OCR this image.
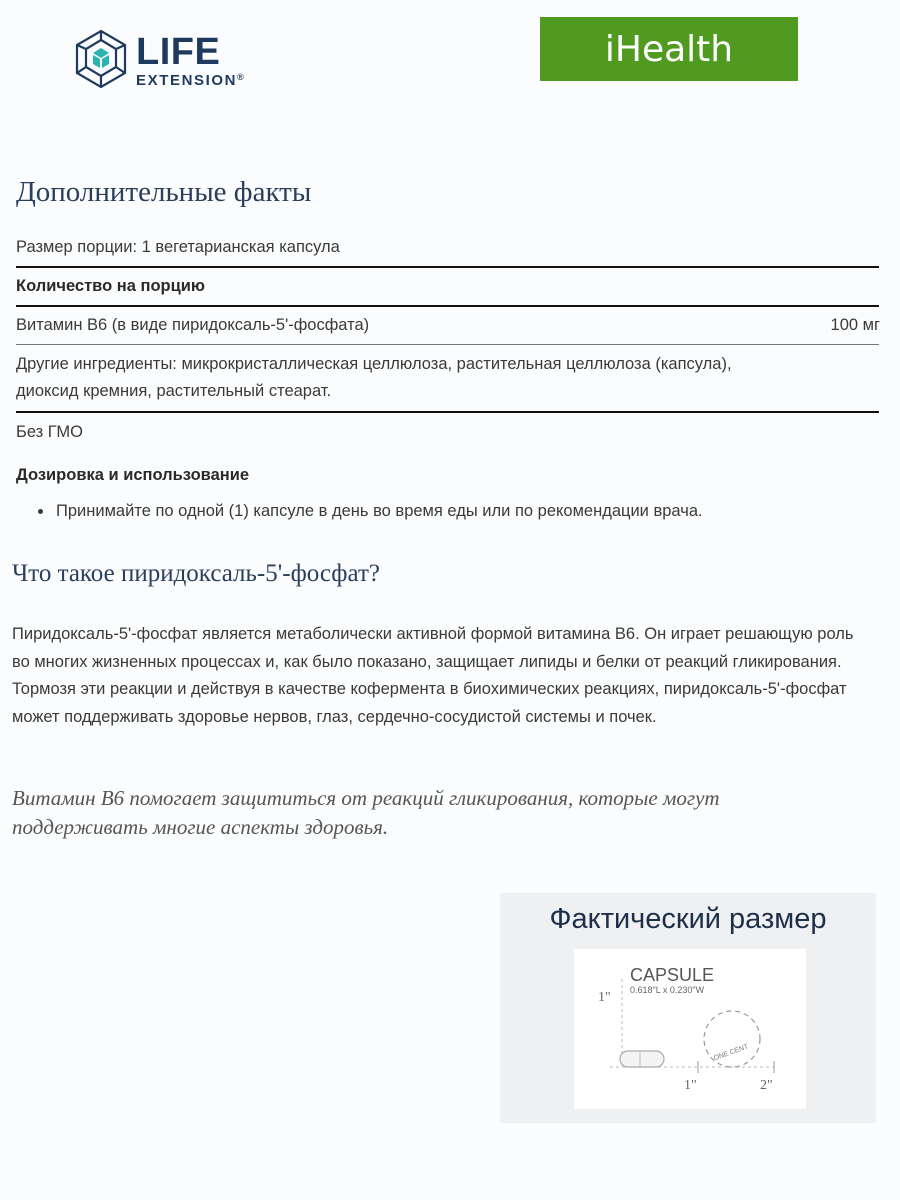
LIFE
EXTENSION®
iHealth
Дополнительные факты
Размер порции: 1 вегетарианская капсула
Количество на порцию
Витамин B6 (в виде пиридоксаль-5'-фосфата)	100 мг
Другие ингредиенты: микрокристаллическая целлюлоза, растительная целлюлоза (капсула),
диоксид кремния, растительный стеарат.
Без ГМО
Дозировка и использование
• Принимайте по одной (1) капсуле в день во время еды или по рекомендации врача.
Что такое пиридоксаль-5'-фосфат?

Пиридоксаль-5'-фосфат является метаболически активной формой витамина В6. Он играет решающую роль во многих жизненных процессах и, как было показано, защищает липиды и белки от реакций гликирования. Тормозя эти реакции и действуя в качестве кофермента в биохимических реакциях, пиридоксаль-5'-фосфат может поддерживать здоровье нервов, глаз, сердечно-сосудистой системы и почек.

Витамин B6 помогает защититься от реакций гликирования, которые могут поддерживать многие аспекты здоровья.

Фактический размер
CAPSULE
0.618"L x 0.230"W
1"
1"	2"
ONE CENT
